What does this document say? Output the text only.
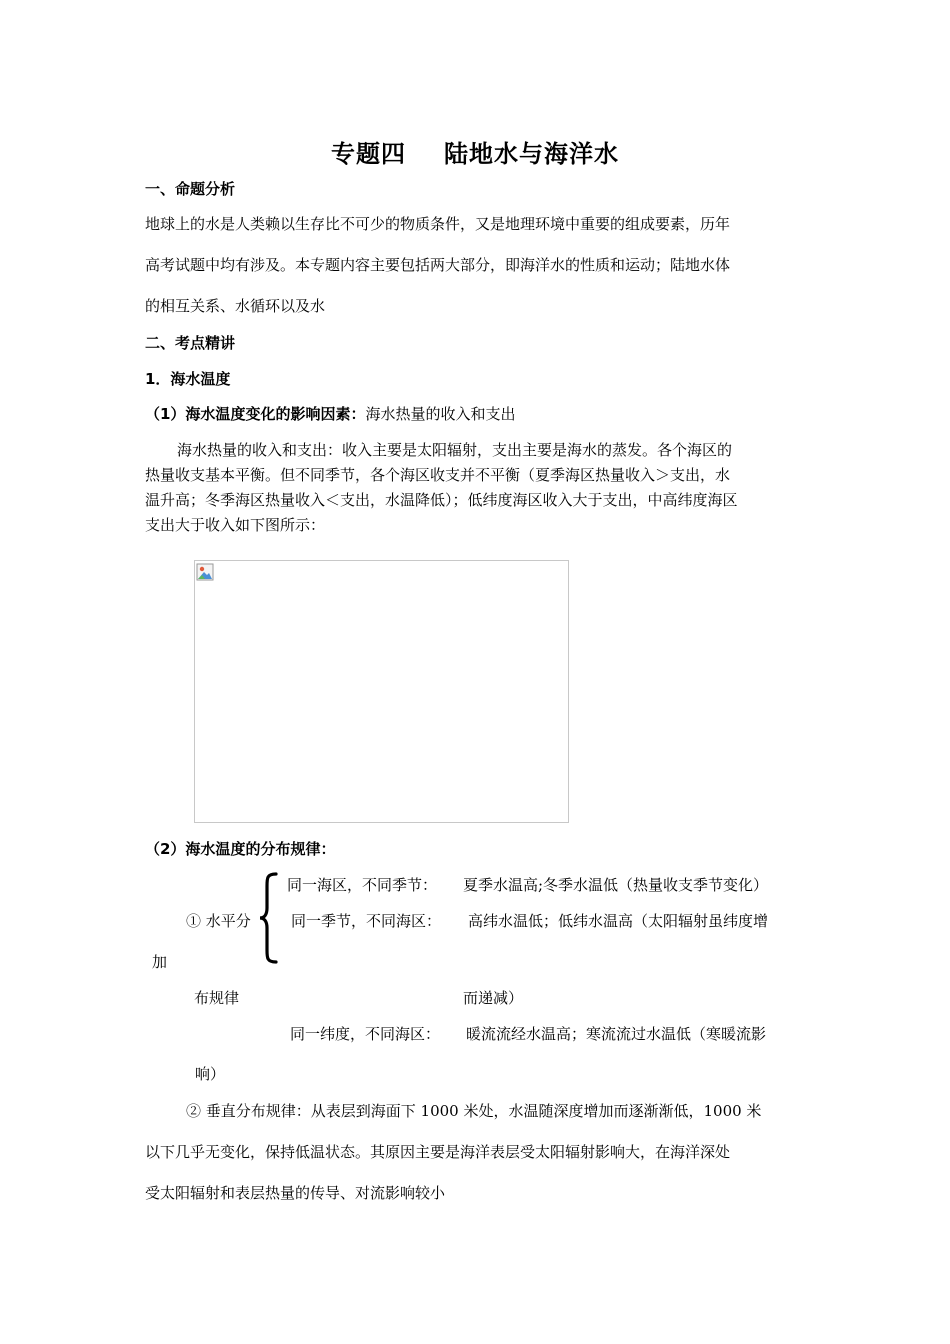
专题四 陆地水与海洋水
一、命题分析
地球上的水是人类赖以生存比不可少的物质条件，又是地理环境中重要的组成要素，历年
高考试题中均有涉及。本专题内容主要包括两大部分，即海洋水的性质和运动；陆地水体
的相互关系、水循环以及水
二、考点精讲
1．海水温度
（1）海水温度变化的影响因素：海水热量的收入和支出
海水热量的收入和支出：收入主要是太阳辐射，支出主要是海水的蒸发。各个海区的
热量收支基本平衡。但不同季节，各个海区收支并不平衡（夏季海区热量收入＞支出，水
温升高；冬季海区热量收入＜支出，水温降低）；低纬度海区收入大于支出，中高纬度海区
支出大于收入如下图所示：
（2）海水温度的分布规律：
同一海区，不同季节： 夏季水温高;冬季水温低（热量收支季节变化）
① 水平分	同一季节，不同海区： 高纬水温低；低纬水温高（太阳辐射虽纬度增
加
布规律	而递减）
同一纬度，不同海区： 暖流流经水温高；寒流流过水温低（寒暖流影
响）
② 垂直分布规律：从表层到海面下 1000 米处，水温随深度增加而逐渐渐低，1000 米
以下几乎无变化，保持低温状态。其原因主要是海洋表层受太阳辐射影响大，在海洋深处
受太阳辐射和表层热量的传导、对流影响较小
